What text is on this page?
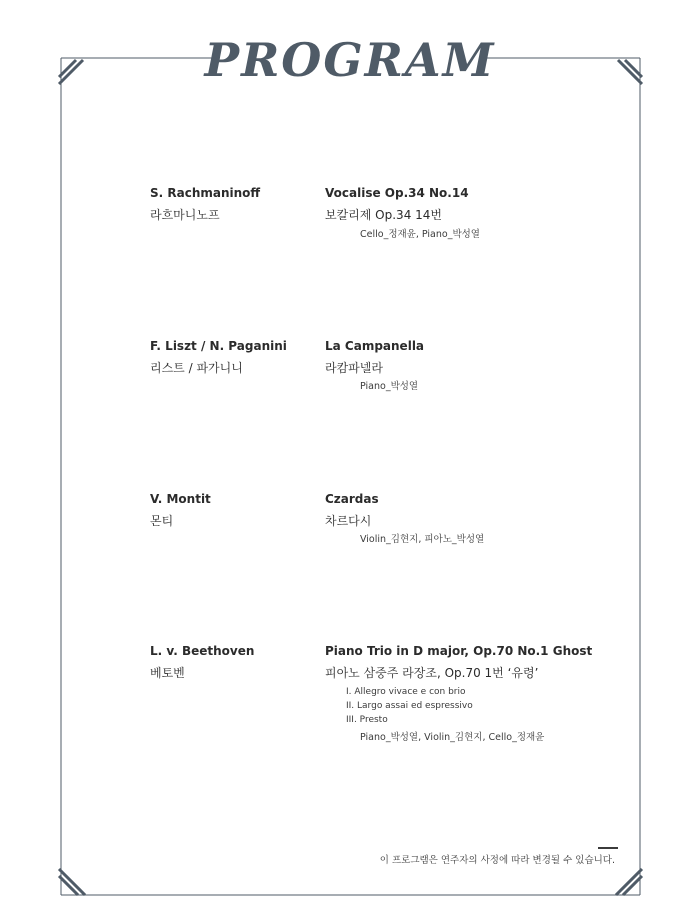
PROGRAM
S. Rachmaninoff
라흐마니노프
Vocalise Op.34 No.14
보칼리제 Op.34 14번
Cello_정재윤, Piano_박성열
F. Liszt / N. Paganini
리스트 / 파가니니
La Campanella
라캄파넬라
Piano_박성열
V. Montit
몬티
Czardas
차르다시
Violin_김현지, 피아노_박성열
L. v. Beethoven
베토벤
Piano Trio in D major, Op.70 No.1 Ghost
피아노 삼중주 라장조, Op.70 1번 ‘유령’
I. Allegro vivace e con brio
II. Largo assai ed espressivo
III. Presto
Piano_박성열, Violin_김현지, Cello_정재윤
이 프로그램은 연주자의 사정에 따라 변경될 수 있습니다.
